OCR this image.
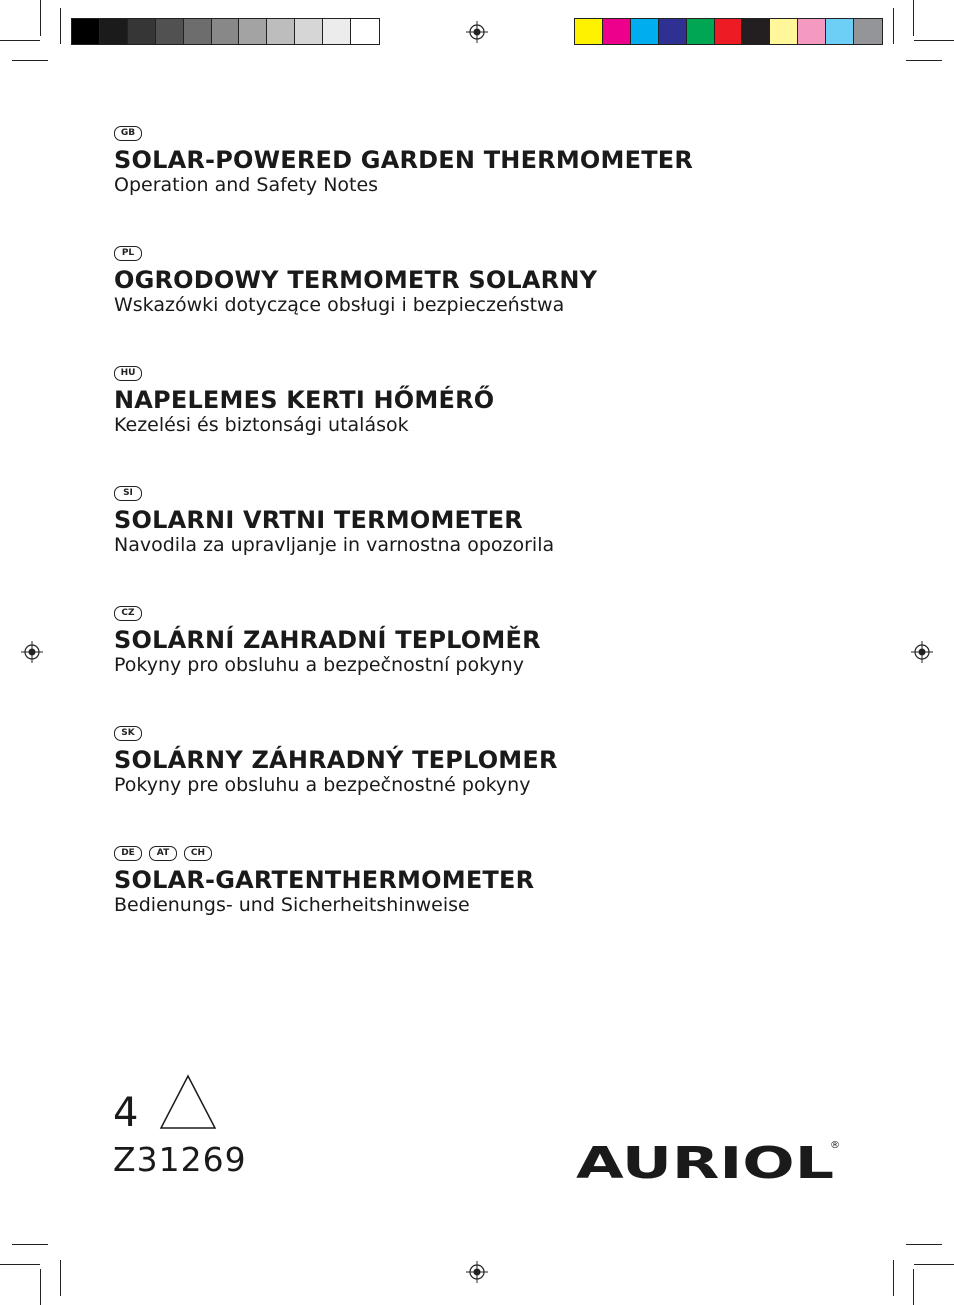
GB
SOLAR-POWERED GARDEN THERMOMETER
Operation and Safety Notes
PL
OGRODOWY TERMOMETR SOLARNY
Wskazówki dotyczące obsługi i bezpieczeństwa
HU
NAPELEMES KERTI HŐMÉRŐ
Kezelési és biztonsági utalások
SI
SOLARNI VRTNI TERMOMETER
Navodila za upravljanje in varnostna opozorila
CZ
SOLÁRNÍ ZAHRADNÍ TEPLOMĚR
Pokyny pro obsluhu a bezpečnostní pokyny
SK
SOLÁRNY ZÁHRADNÝ TEPLOMER
Pokyny pre obsluhu a bezpečnostné pokyny
DE	AT	CH
SOLAR-GARTENTHERMOMETER
Bedienungs- und Sicherheitshinweise
4
Z31269	AURIOL
®
